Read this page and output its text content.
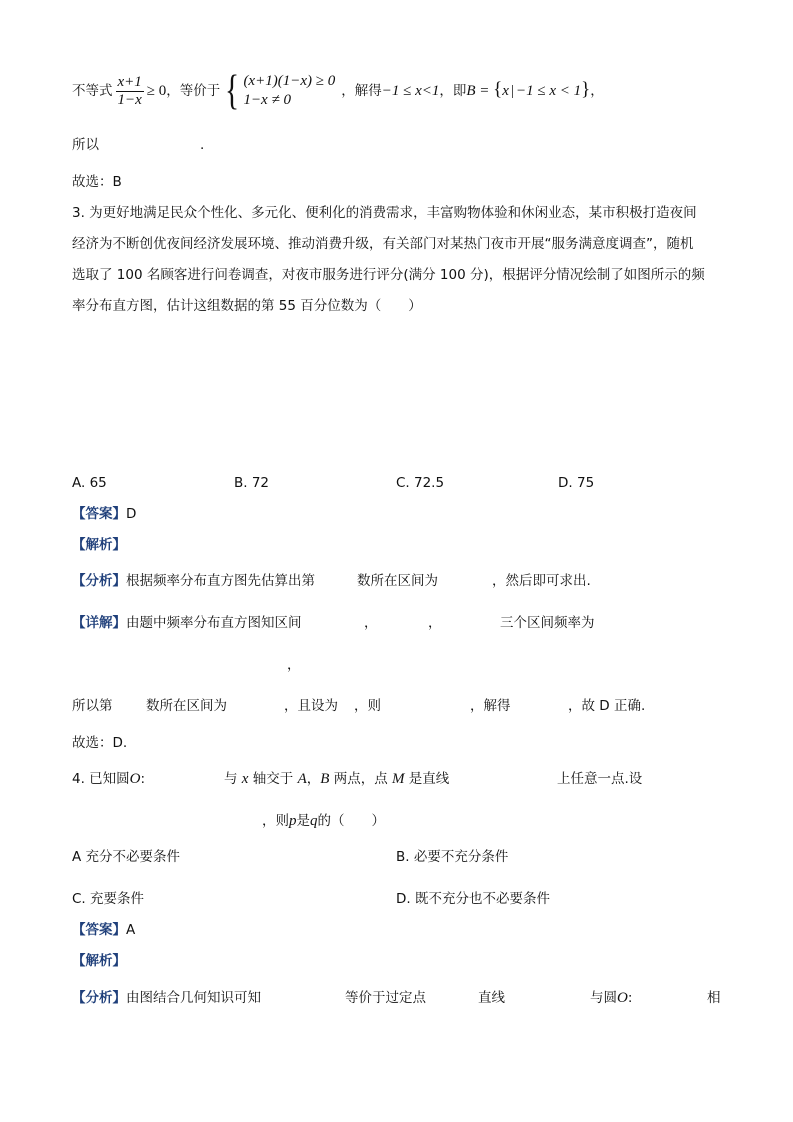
不等式 $\frac{x+1}{1-x} \ge 0$，等价于 { (x+1)(1−x) ≥ 0
1−x ≠ 0
，解得−1 ≤ x<1，即B = {x | −1 ≤ x < 1}，
所以	.
故选：B
3. 为更好地满足民众个性化、多元化、便利化的消费需求，丰富购物体验和休闲业态，某市积极打造夜间
经济为不断创优夜间经济发展环境、推动消费升级，有关部门对某热门夜市开展“服务满意度调查”，随机
选取了 100 名顾客进行问卷调查，对夜市服务进行评分(满分 100 分)，根据评分情况绘制了如图所示的频
率分布直方图，估计这组数据的第 55 百分位数为（　　）
A. 65	B. 72	C. 72.5	D. 75
【答案】D
【解析】
【分析】根据频率分布直方图先估算出第	数所在区间为	，然后即可求出.
【详解】由题中频率分布直方图知区间	，	，	三个区间频率为
，
所以第 数所在区间为	，且设为 ，则	，解得	，故 D 正确.
故选：D.
4. 已知圆O:	与 x 轴交于 A，B 两点，点 M 是直线	上任意一点.设
，则p是q的（　　）
A 充分不必要条件	B. 必要不充分条件
C. 充要条件	D. 既不充分也不必要条件
【答案】A
【解析】
【分析】由图结合几何知识可知	等价于过定点	直线	与圆O:	相
